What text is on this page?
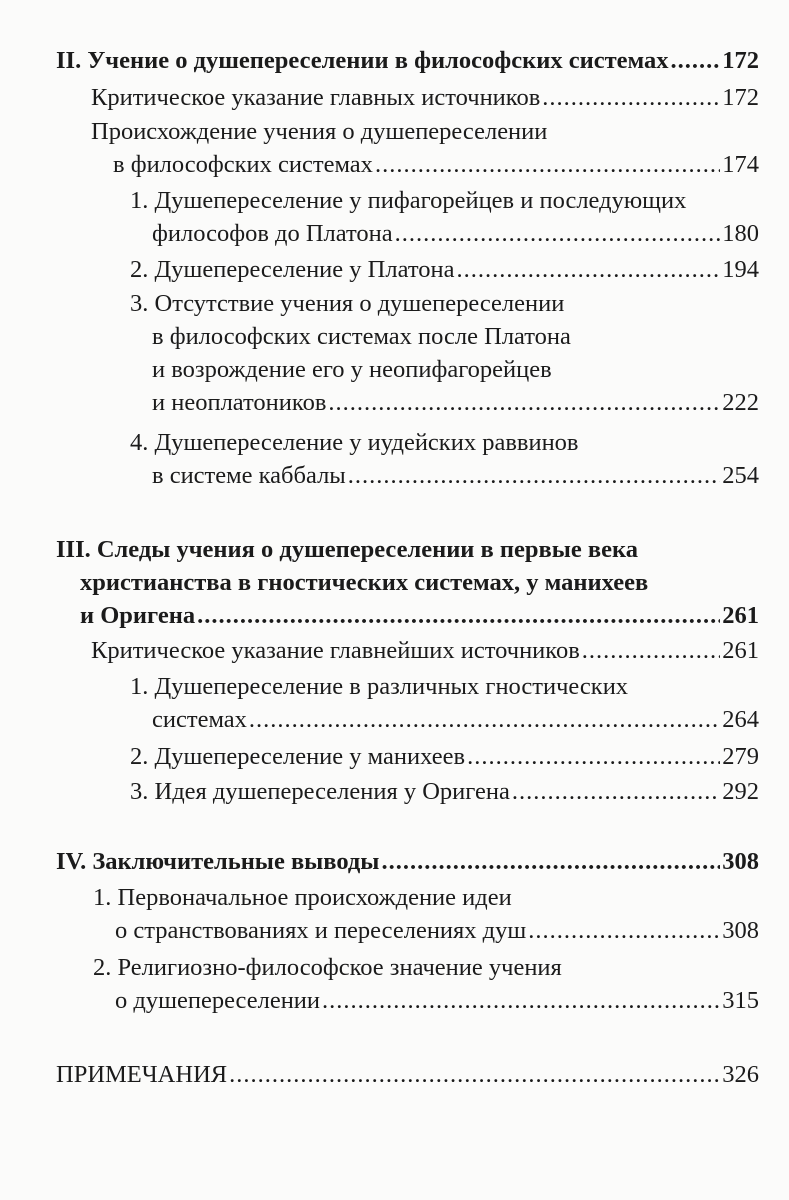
II. Учение о душепереселении в философских системах ..... 172
Критическое указание главных источников .....	172
Происхождение учения о душепереселении
в философских системах .....	174
1. Душепереселение у пифагорейцев и последующих
философов до Платона .....	180
2. Душепереселение у Платона .....	194
3. Отсутствие учения о душепереселении
в философских системах после Платона
и возрождение его у неопифагорейцев
и неоплатоников .....	222
4. Душепереселение у иудейских раввинов
в системе каббалы .....	254
III. Следы учения о душепереселении в первые века
христианства в гностических системах, у манихеев
и Оригена .....	261
Критическое указание главнейших источников .....	261
1. Душепереселение в различных гностических
системах .....	264
2. Душепереселение у манихеев .....	279
3. Идея душепереселения у Оригена .....	292
IV. Заключительные выводы .....	308
1. Первоначальное происхождение идеи
о странствованиях и переселениях душ .....	308
2. Религиозно-философское значение учения
о душепереселении .....	315
ПРИМЕЧАНИЯ .....	326
